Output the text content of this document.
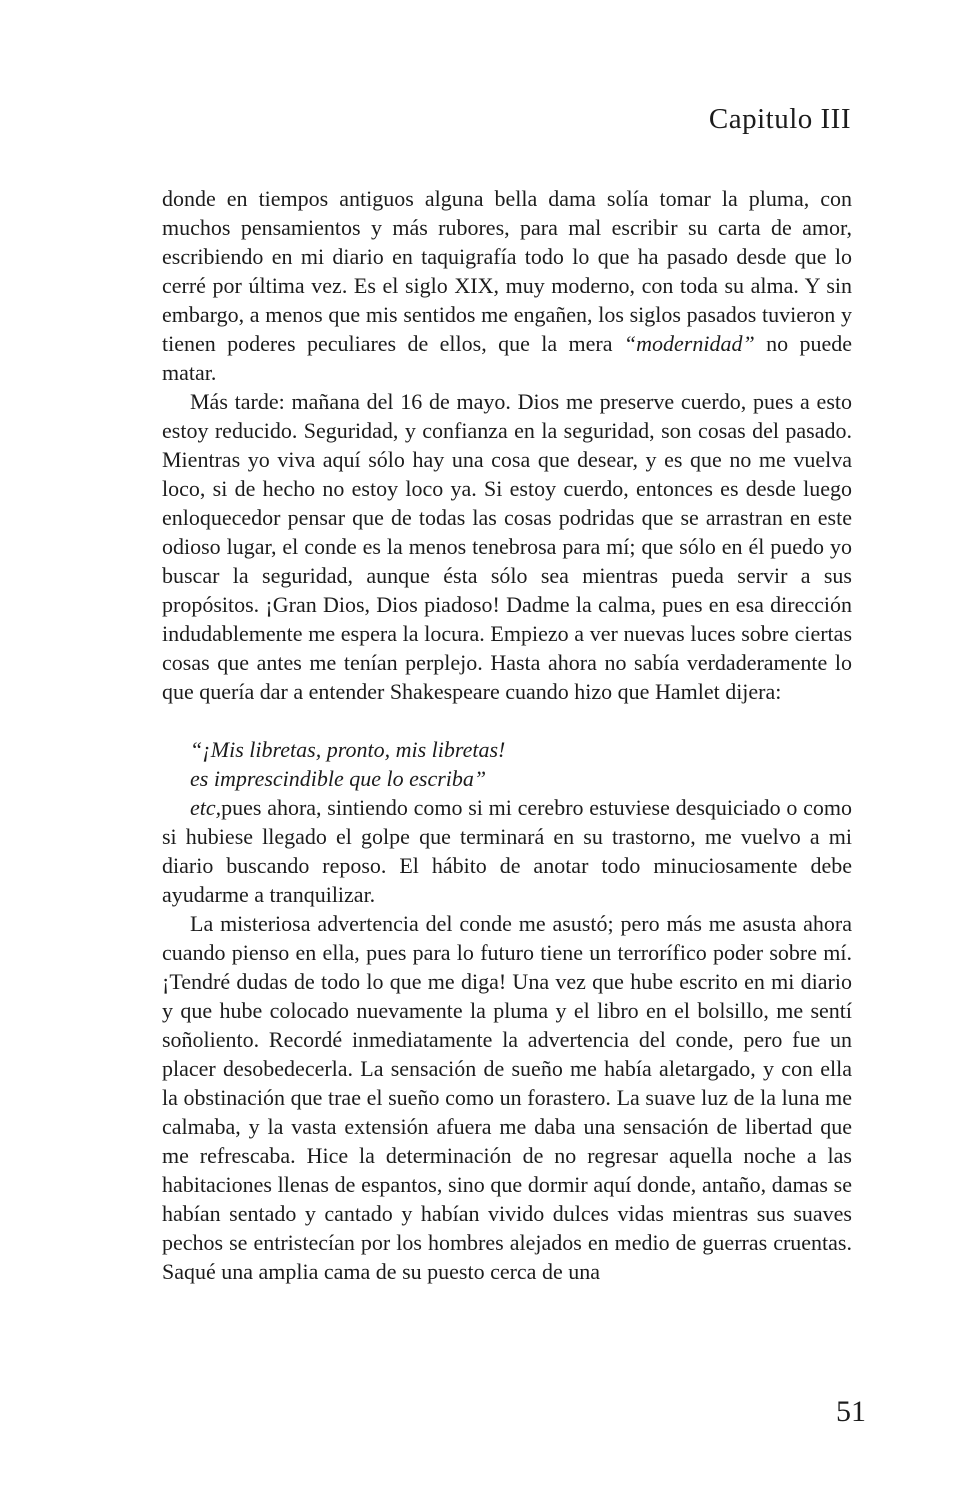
Capitulo III

donde en tiempos antiguos alguna bella dama solía tomar la pluma, con muchos pensamientos y más rubores, para mal escribir su carta de amor, escribiendo en mi diario en taquigrafía todo lo que ha pasado desde que lo cerré por última vez. Es el siglo XIX, muy moderno, con toda su alma. Y sin embargo, a menos que mis sentidos me engañen, los siglos pasados tuvieron y tienen poderes peculiares de ellos, que la mera “modernidad” no puede matar.

Más tarde: mañana del 16 de mayo. Dios me preserve cuerdo, pues a esto estoy reducido. Seguridad, y confianza en la seguridad, son cosas del pasado. Mientras yo viva aquí sólo hay una cosa que desear, y es que no me vuelva loco, si de hecho no estoy loco ya. Si estoy cuerdo, entonces es desde luego enloquecedor pensar que de todas las cosas podridas que se arrastran en este odioso lugar, el conde es la menos tenebrosa para mí; que sólo en él puedo yo buscar la seguridad, aunque ésta sólo sea mientras pueda servir a sus propósitos. ¡Gran Dios, Dios piadoso! Dadme la calma, pues en esa dirección indudablemente me espera la locura. Empiezo a ver nuevas luces sobre ciertas cosas que antes me tenían perplejo. Hasta ahora no sabía verdaderamente lo que quería dar a entender Shakespeare cuando hizo que Hamlet dijera:

“¡Mis libretas, pronto, mis libretas!

es imprescindible que lo escriba”

etc,pues ahora, sintiendo como si mi cerebro estuviese desquiciado o como si hubiese llegado el golpe que terminará en su trastorno, me vuelvo a mi diario buscando reposo. El hábito de anotar todo minuciosamente debe ayudarme a tranquilizar.

La misteriosa advertencia del conde me asustó; pero más me asusta ahora cuando pienso en ella, pues para lo futuro tiene un terrorífico poder sobre mí. ¡Tendré dudas de todo lo que me diga! Una vez que hube escrito en mi diario y que hube colocado nuevamente la pluma y el libro en el bolsillo, me sentí soñoliento. Recordé inmediatamente la advertencia del conde, pero fue un placer desobedecerla. La sensación de sueño me había aletargado, y con ella la obstinación que trae el sueño como un forastero. La suave luz de la luna me calmaba, y la vasta extensión afuera me daba una sensación de libertad que me refrescaba. Hice la determinación de no regresar aquella noche a las habitaciones llenas de espantos, sino que dormir aquí donde, antaño, damas se habían sentado y cantado y habían vivido dulces vidas mientras sus suaves pechos se entristecían por los hombres alejados en medio de guerras cruentas. Saqué una amplia cama de su puesto cerca de una

51
